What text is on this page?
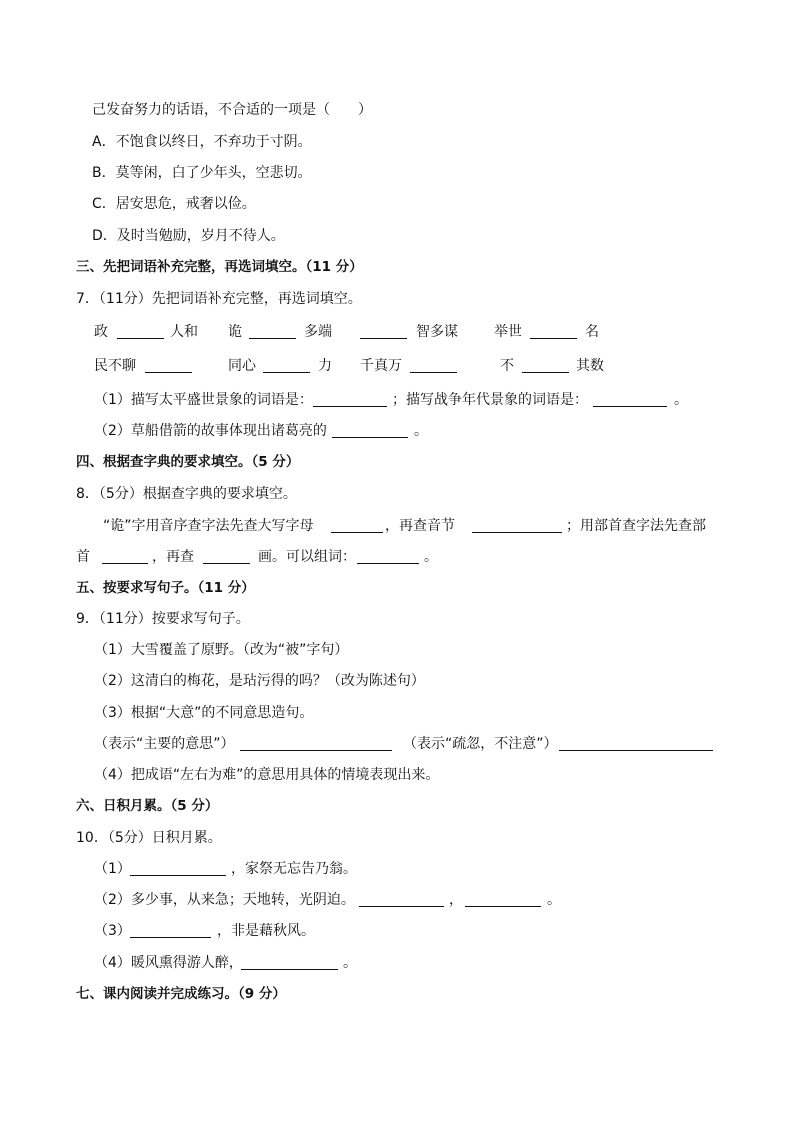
己发奋努力的话语，不合适的一项是（　　）
A．不饱食以终日，不弃功于寸阴。
B．莫等闲，白了少年头，空悲切。
C．居安思危，戒奢以俭。
D．及时当勉励，岁月不待人。
三、先把词语补充完整，再选词填空。（11 分）
7．（11分）先把词语补充完整，再选词填空。
政	人和 诡	多端	智多谋	举世	名
民不聊	同心	力 千真万	不	其数
（1）描写太平盛世景象的词语是：	；描写战争年代景象的词语是：	。
（2）草船借箭的故事体现出诸葛亮的	。
四、根据查字典的要求填空。（5 分）
8．（5分）根据查字典的要求填空。
“诡”字用音序查字法先查大写字母	，再查音节	；用部首查字法先查部
首	，再查	画。可以组词：	。
五、按要求写句子。（11 分）
9．（11分）按要求写句子。
（1）大雪覆盖了原野。（改为“被”字句）
（2）这清白的梅花，是玷污得的吗？（改为陈述句）
（3）根据“大意”的不同意思造句。
（表示“主要的意思”）	（表示“疏忽，不注意”）
（4）把成语“左右为难”的意思用具体的情境表现出来。
六、日积月累。（5 分）
10．（5分）日积月累。
（1）	，家祭无忘告乃翁。
（2）多少事，从来急；天地转，光阴迫。	，	。
（3）	，非是藉秋风。
（4）暖风熏得游人醉，	。
七、课内阅读并完成练习。（9 分）
